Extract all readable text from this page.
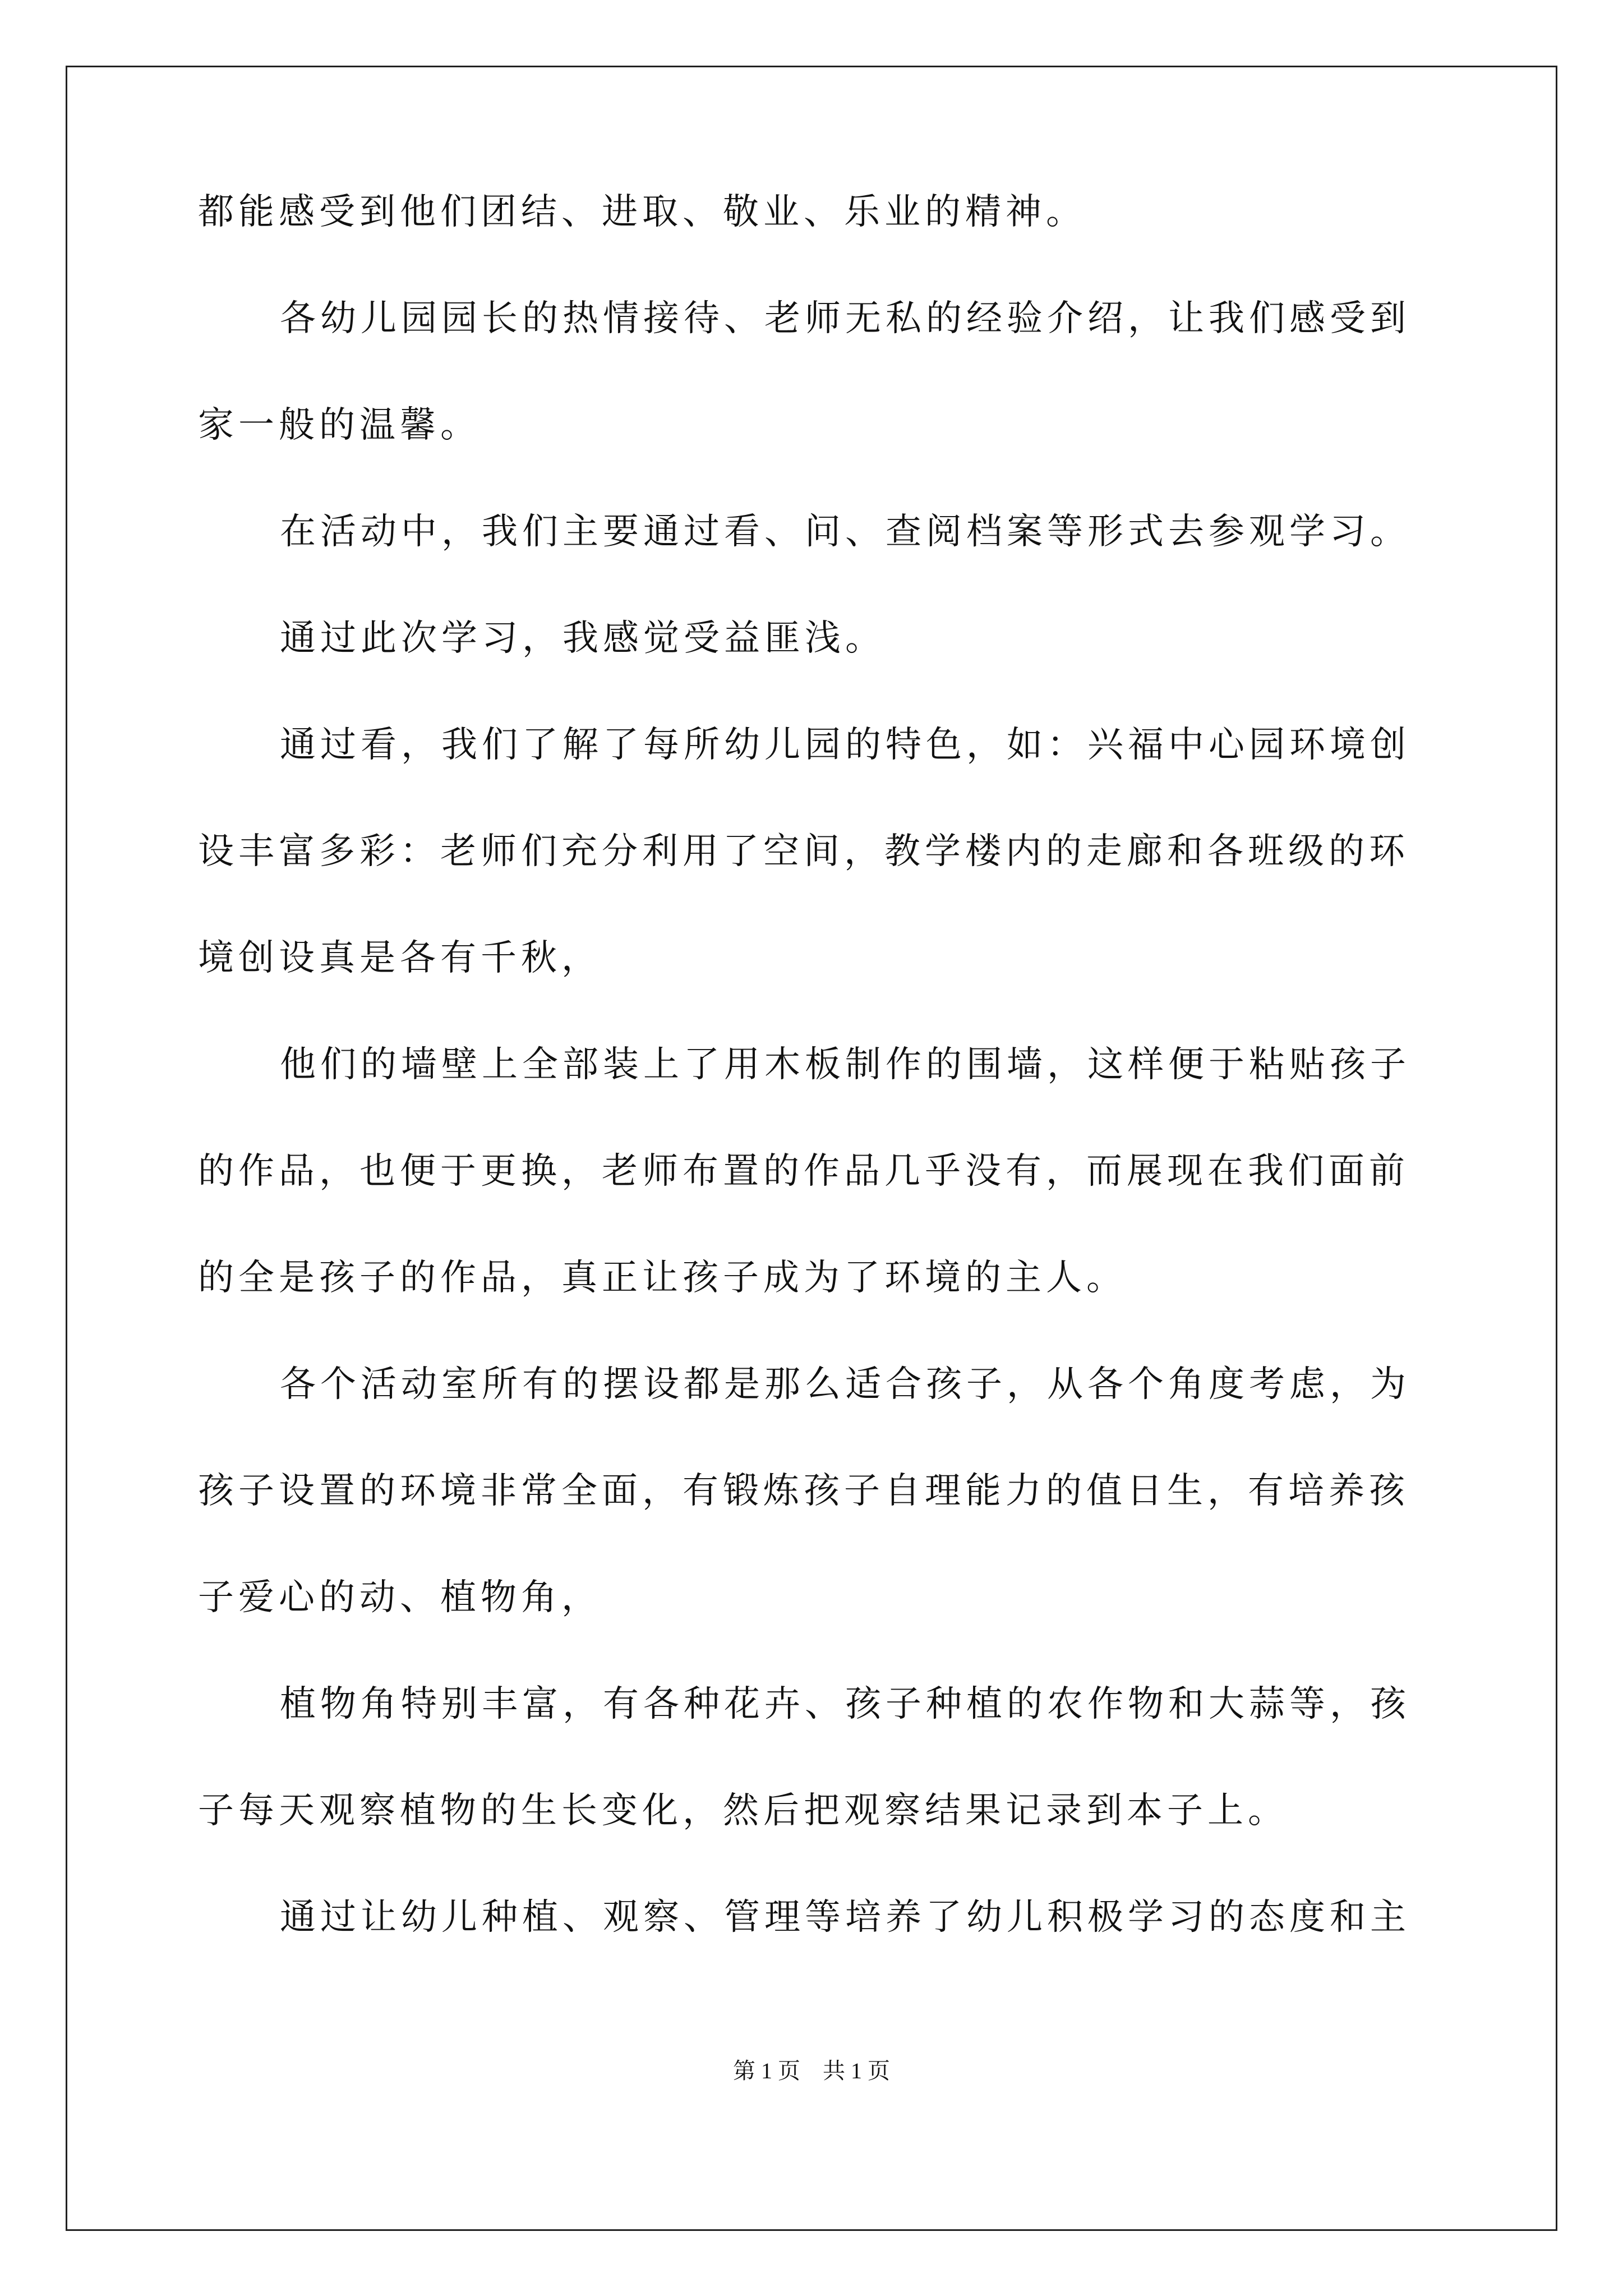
都能感受到他们团结、进取、敬业、乐业的精神。
各幼儿园园长的热情接待、老师无私的经验介绍，让我们感受到
家一般的温馨。
在活动中，我们主要通过看、问、查阅档案等形式去参观学习。
通过此次学习，我感觉受益匪浅。
通过看，我们了解了每所幼儿园的特色，如：兴福中心园环境创
设丰富多彩：老师们充分利用了空间，教学楼内的走廊和各班级的环
境创设真是各有千秋，
他们的墙壁上全部装上了用木板制作的围墙，这样便于粘贴孩子
的作品，也便于更换，老师布置的作品几乎没有，而展现在我们面前
的全是孩子的作品，真正让孩子成为了环境的主人。
各个活动室所有的摆设都是那么适合孩子，从各个角度考虑，为
孩子设置的环境非常全面，有锻炼孩子自理能力的值日生，有培养孩
子爱心的动、植物角，
植物角特别丰富，有各种花卉、孩子种植的农作物和大蒜等，孩
子每天观察植物的生长变化，然后把观察结果记录到本子上。
通过让幼儿种植、观察、管理等培养了幼儿积极学习的态度和主
第 1 页　共 1 页
